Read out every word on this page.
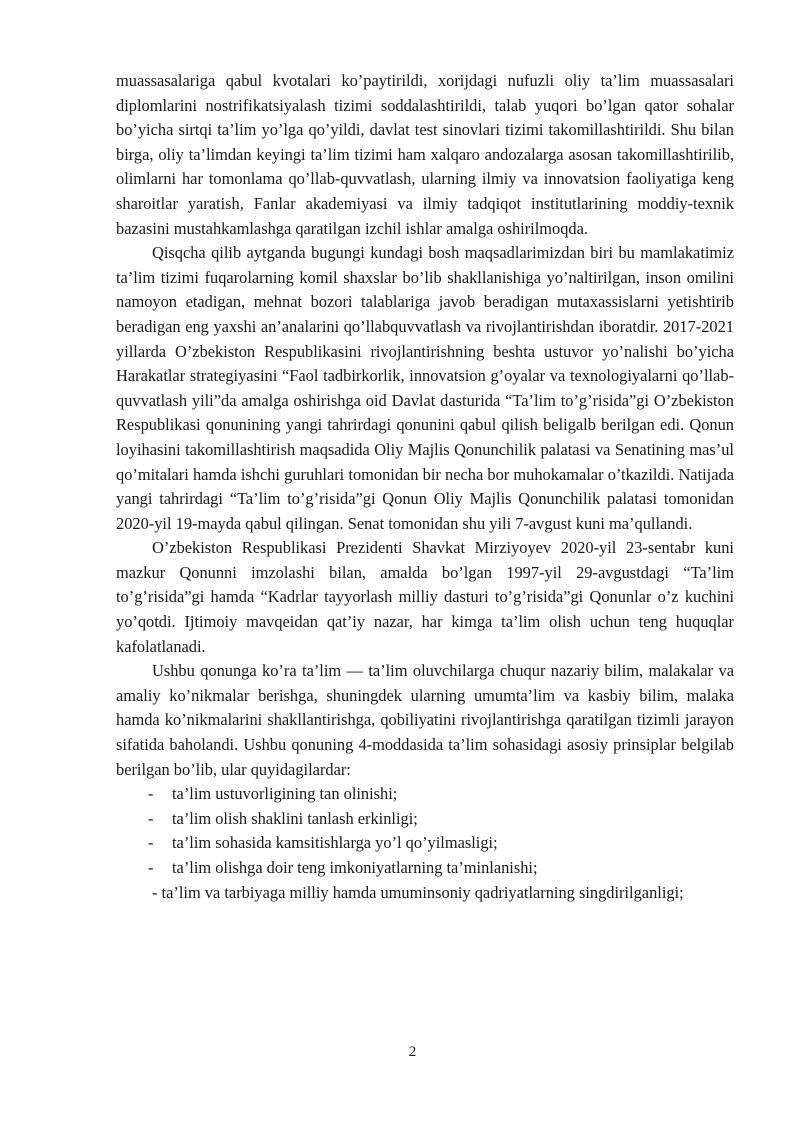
muassasalariga qabul kvotalari ko’paytirildi, xorijdagi nufuzli oliy ta’lim muassasalari diplomlarini nostrifikatsiyalash tizimi soddalashtirildi, talab yuqori bo’lgan qator sohalar bo’yicha sirtqi ta’lim yo’lga qo’yildi, davlat test sinovlari tizimi takomillashtirildi. Shu bilan birga, oliy ta’limdan keyingi ta’lim tizimi ham xalqaro andozalarga asosan takomillashtirilib, olimlarni har tomonlama qo’llab-quvvatlash, ularning ilmiy va innovatsion faoliyatiga keng sharoitlar yaratish, Fanlar akademiyasi va ilmiy tadqiqot institutlarining moddiy-texnik bazasini mustahkamlashga qaratilgan izchil ishlar amalga oshirilmoqda.

Qisqcha qilib aytganda bugungi kundagi bosh maqsadlarimizdan biri bu mamlakatimiz ta’lim tizimi fuqarolarning komil shaxslar bo’lib shakllanishiga yo’naltirilgan, inson omilini namoyon etadigan, mehnat bozori talablariga javob beradigan mutaxassislarni yetishtirib beradigan eng yaxshi an’analarini qo’llabquvvatlash va rivojlantirishdan iboratdir. 2017-2021 yillarda O’zbekiston Respublikasini rivojlantirishning beshta ustuvor yo’nalishi bo’yicha Harakatlar strategiyasini “Faol tadbirkorlik, innovatsion g’oyalar va texnologiyalarni qo’llab-quvvatlash yili”da amalga oshirishga oid Davlat dasturida “Ta’lim to’g’risida”gi O’zbekiston Respublikasi qonunining yangi tahrirdagi qonunini qabul qilish beligalb berilgan edi. Qonun loyihasini takomillashtirish maqsadida Oliy Majlis Qonunchilik palatasi va Senatining mas’ul qo’mitalari hamda ishchi guruhlari tomonidan bir necha bor muhokamalar o’tkazildi. Natijada yangi tahrirdagi “Ta’lim to’g’risida”gi Qonun Oliy Majlis Qonunchilik palatasi tomonidan 2020-yil 19-mayda qabul qilingan. Senat tomonidan shu yili 7-avgust kuni ma’qullandi.

O’zbekiston Respublikasi Prezidenti Shavkat Mirziyoyev 2020-yil 23-sentabr kuni mazkur Qonunni imzolashi bilan, amalda bo’lgan 1997-yil 29-avgustdagi “Ta’lim to’g’risida”gi hamda “Kadrlar tayyorlash milliy dasturi to’g’risida”gi Qonunlar o’z kuchini yo’qotdi. Ijtimoiy mavqeidan qat’iy nazar, har kimga ta’lim olish uchun teng huquqlar kafolatlanadi.

Ushbu qonunga ko’ra ta’lim — ta’lim oluvchilarga chuqur nazariy bilim, malakalar va amaliy ko’nikmalar berishga, shuningdek ularning umumta’lim va kasbiy bilim, malaka hamda ko’nikmalarini shakllantirishga, qobiliyatini rivojlantirishga qaratilgan tizimli jarayon sifatida baholandi. Ushbu qonuning 4-moddasida ta’lim sohasidagi asosiy prinsiplar belgilab berilgan bo’lib, ular quyidagilardar:

-	ta’lim ustuvorligining tan olinishi;
-	ta’lim olish shaklini tanlash erkinligi;
-	ta’lim sohasida kamsitishlarga yo’l qo’yilmasligi;
-	ta’lim olishga doir teng imkoniyatlarning ta’minlanishi;

- ta’lim va tarbiyaga milliy hamda umuminsoniy qadriyatlarning singdirilganligi;

2
